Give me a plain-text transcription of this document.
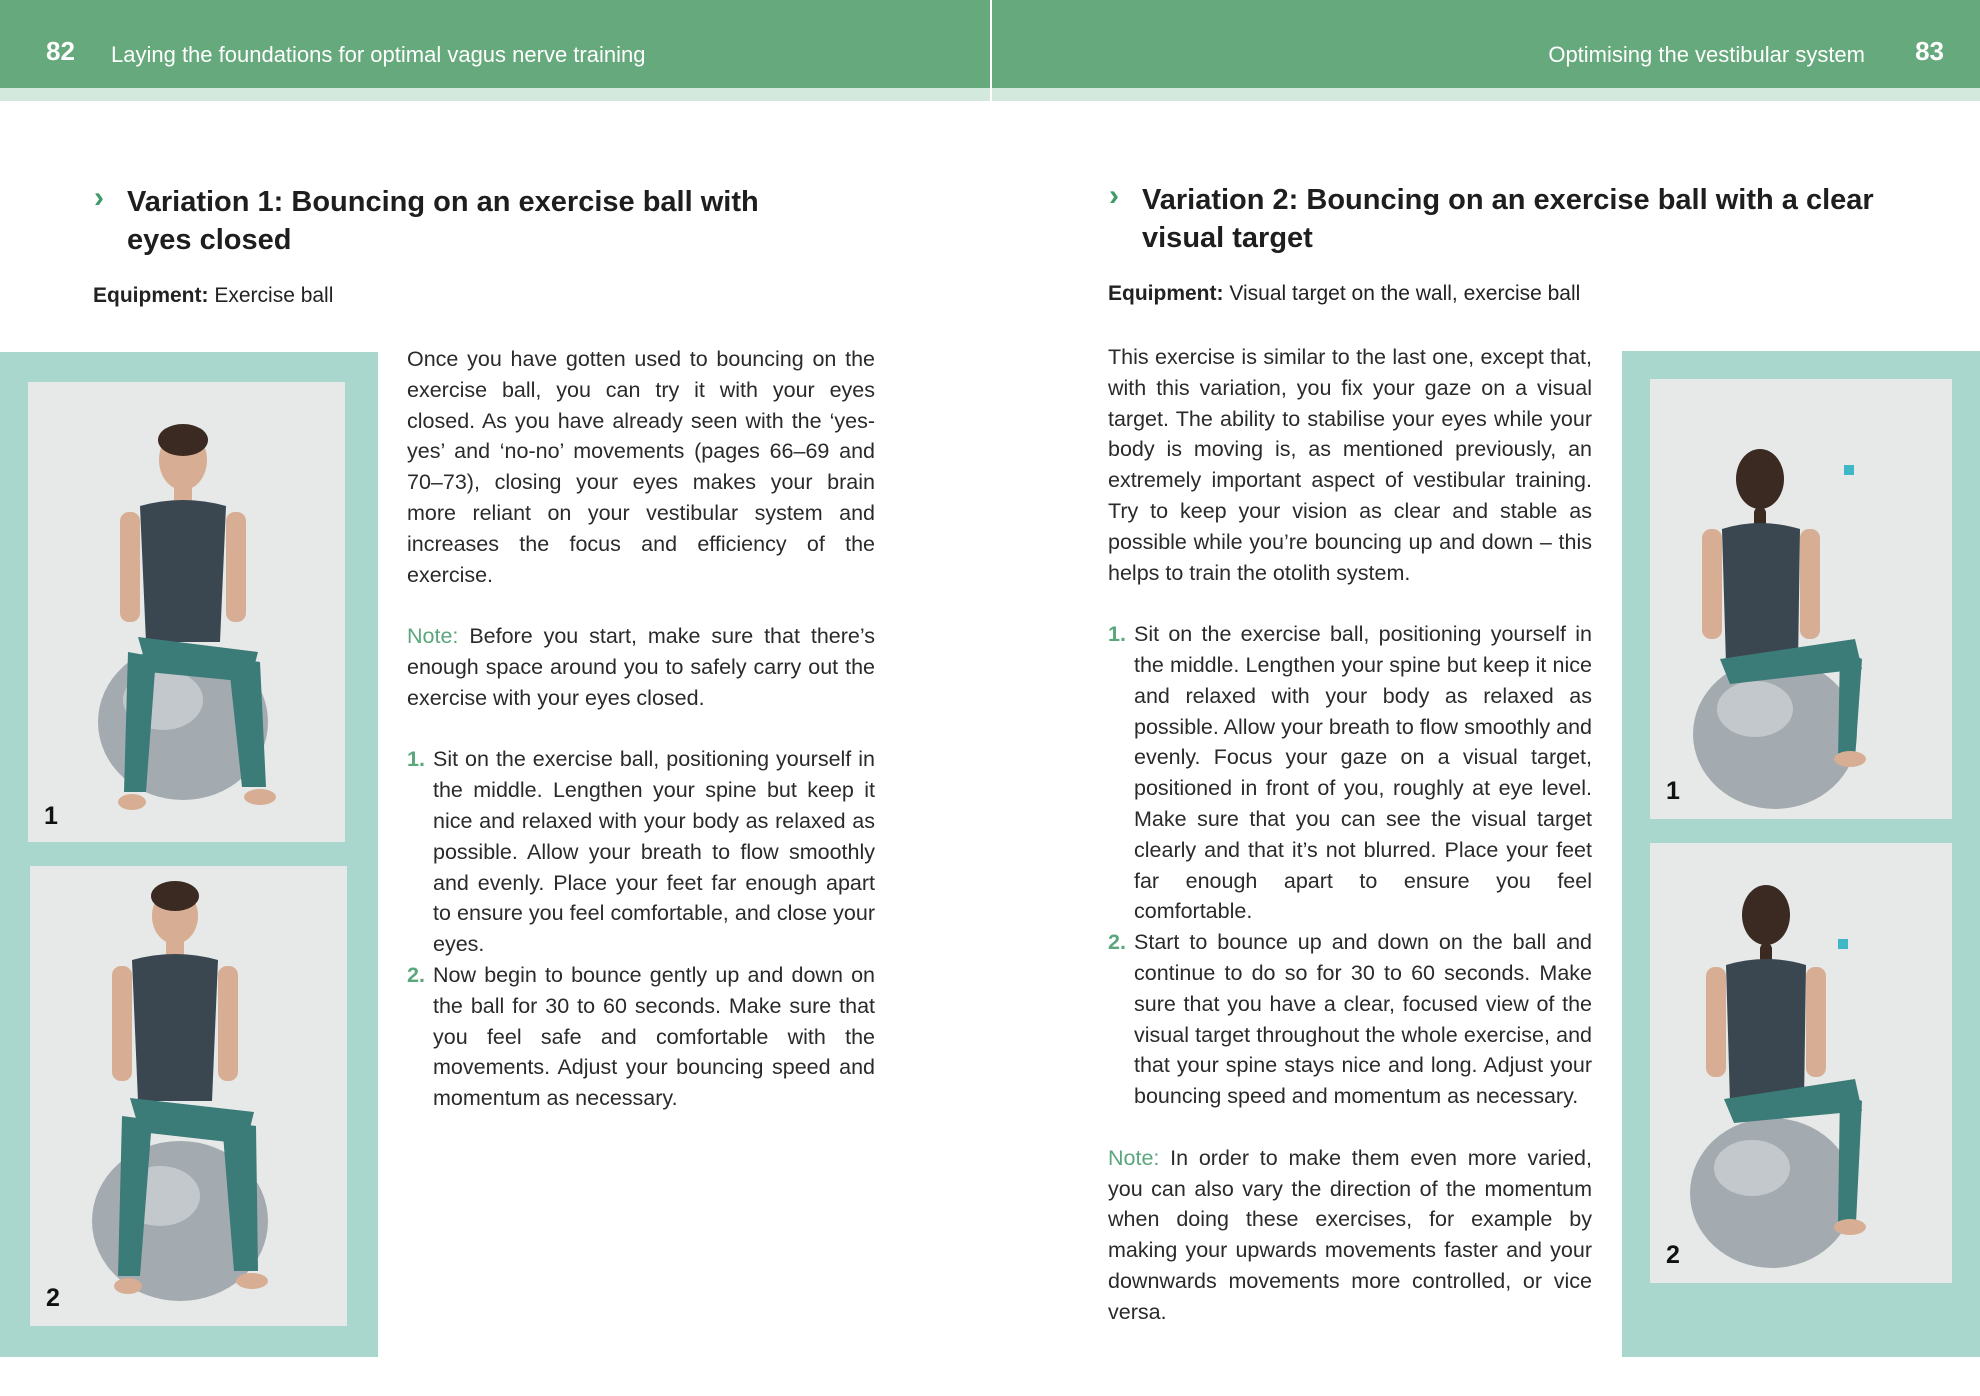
82 Laying the foundations for optimal vagus nerve training	Optimising the vestibular system 83
› Variation 1: Bouncing on an exercise ball with eyes closed
Equipment: Exercise ball
1
2

Once you have gotten used to bouncing on the exercise ball, you can try it with your eyes closed. As you have already seen with the ‘yes-yes’ and ‘no-no’ movements (pages 66–69 and 70–73), closing your eyes makes your brain more reliant on your vestibular system and increases the focus and efficiency of the exercise.

Note: Before you start, make sure that there’s enough space around you to safely carry out the exercise with your eyes closed.

1. Sit on the exercise ball, positioning yourself in the middle. Lengthen your spine but keep it nice and relaxed with your body as relaxed as possible. Allow your breath to flow smoothly and evenly. Place your feet far enough apart to ensure you feel comfortable, and close your eyes.
2. Now begin to bounce gently up and down on the ball for 30 to 60 seconds. Make sure that you feel safe and comfortable with the movements. Adjust your bouncing speed and momentum as necessary.
› Variation 2: Bouncing on an exercise ball with a clear visual target
Equipment: Visual target on the wall, exercise ball

This exercise is similar to the last one, except that, with this variation, you fix your gaze on a visual target. The ability to stabilise your eyes while your body is moving is, as mentioned previously, an extremely important aspect of vestibular training. Try to keep your vision as clear and stable as possible while you’re bouncing up and down – this helps to train the otolith system.

1. Sit on the exercise ball, positioning yourself in the middle. Lengthen your spine but keep it nice and relaxed with your body as relaxed as possible. Allow your breath to flow smoothly and evenly. Focus your gaze on a visual target, positioned in front of you, roughly at eye level. Make sure that you can see the visual target clearly and that it’s not blurred. Place your feet far enough apart to ensure you feel comfortable.
2. Start to bounce up and down on the ball and continue to do so for 30 to 60 seconds. Make sure that you have a clear, focused view of the visual target throughout the whole exercise, and that your spine stays nice and long. Adjust your bouncing speed and momentum as necessary.

Note: In order to make them even more varied, you can also vary the direction of the momentum when doing these exercises, for example by making your upwards movements faster and your downwards movements more controlled, or vice versa.

1
2
